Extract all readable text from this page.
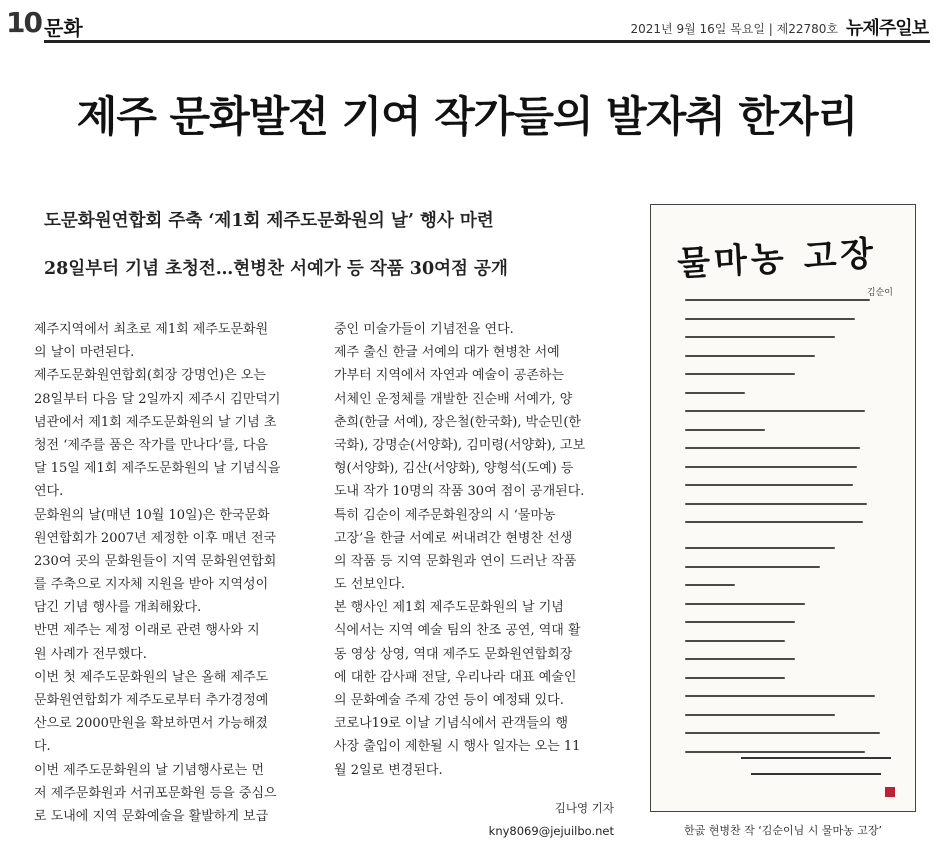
10 문화	2021년 9월 16일 목요일 | 제22780호 뉴제주일보
제주 문화발전 기여 작가들의 발자취 한자리
도문화원연합회 주축 ‘제1회 제주도문화원의 날’ 행사 마련
28일부터 기념 초청전…현병찬 서예가 등 작품 30여점 공개
제주지역에서 최초로 제1회 제주도문화원
의 날이 마련된다.
제주도문화원연합회(회장 강명언)은 오는
28일부터 다음 달 2일까지 제주시 김만덕기
념관에서 제1회 제주도문화원의 날 기념 초
청전 ‘제주를 품은 작가를 만나다’를, 다음
달 15일 제1회 제주도문화원의 날 기념식을
연다.
문화원의 날(매년 10월 10일)은 한국문화
원연합회가 2007년 제정한 이후 매년 전국
230여 곳의 문화원들이 지역 문화원연합회
를 주축으로 지자체 지원을 받아 지역성이
담긴 기념 행사를 개최해왔다.
반면 제주는 제정 이래로 관련 행사와 지
원 사례가 전무했다.
이번 첫 제주도문화원의 날은 올해 제주도
문화원연합회가 제주도로부터 추가경정예
산으로 2000만원을 확보하면서 가능해졌
다.
이번 제주도문화원의 날 기념행사로는 먼
저 제주문화원과 서귀포문화원 등을 중심으
로 도내에 지역 문화예술을 활발하게 보급
중인 미술가들이 기념전을 연다.
제주 출신 한글 서예의 대가 현병찬 서예
가부터 지역에서 자연과 예술이 공존하는
서체인 운정체를 개발한 진순배 서예가, 양
춘희(한글 서예), 장은철(한국화), 박순민(한
국화), 강명순(서양화), 김미령(서양화), 고보
형(서양화), 김산(서양화), 양형석(도예) 등
도내 작가 10명의 작품 30여 점이 공개된다.
특히 김순이 제주문화원장의 시 ‘물마농
고장’을 한글 서예로 써내려간 현병찬 선생
의 작품 등 지역 문화원과 연이 드러난 작품
도 선보인다.
본 행사인 제1회 제주도문화원의 날 기념
식에서는 지역 예술 팀의 찬조 공연, 역대 활
동 영상 상영, 역대 제주도 문화원연합회장
에 대한 감사패 전달, 우리나라 대표 예술인
의 문화예술 주제 강연 등이 예정돼 있다.
코로나19로 이날 기념식에서 관객들의 행
사장 출입이 제한될 시 행사 일자는 오는 11
월 2일로 변경된다.
김나영 기자
kny8069@jejuilbo.net
물마농 고장
김순이
한곬 현병찬 작 ‘김순이님 시 물마농 고장’
